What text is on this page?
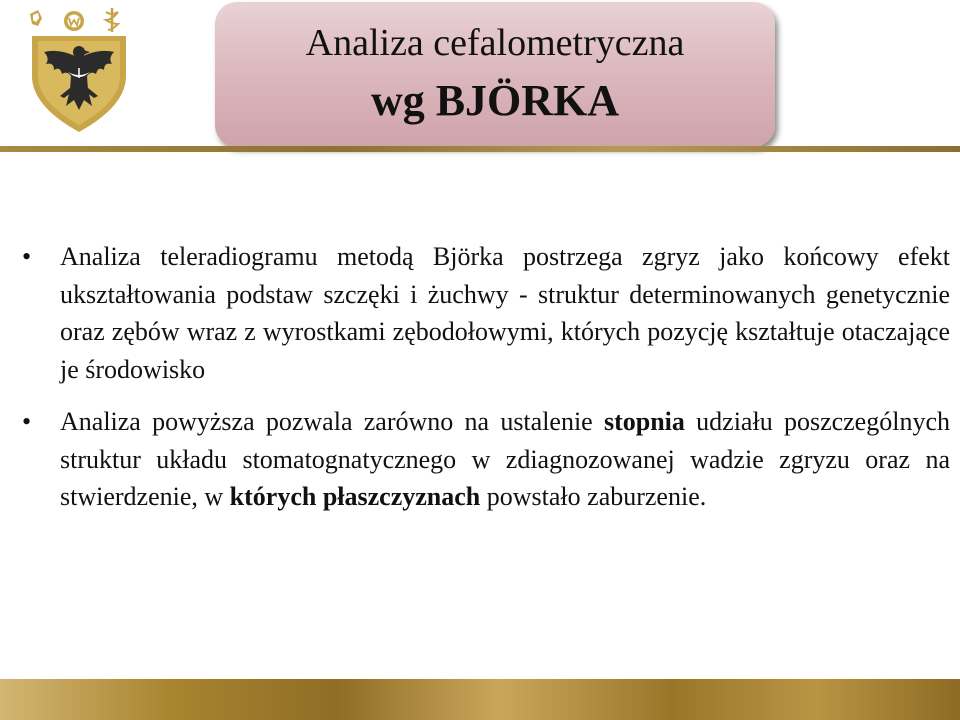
Analiza cefalometryczna
wg BJÖRKA
•	Analiza teleradiogramu metodą Björka postrzega zgryz jako końcowy efekt ukształtowania podstaw szczęki i żuchwy - struktur determinowanych genetycznie oraz zębów wraz z wyrostkami zębodołowymi, których pozycję kształtuje otaczające je środowisko
•	Analiza powyższa pozwala zarówno na ustalenie stopnia udziału poszczególnych struktur układu stomatognatycznego w zdiagnozowanej wadzie zgryzu oraz na stwierdzenie, w których płaszczyznach powstało zaburzenie.
